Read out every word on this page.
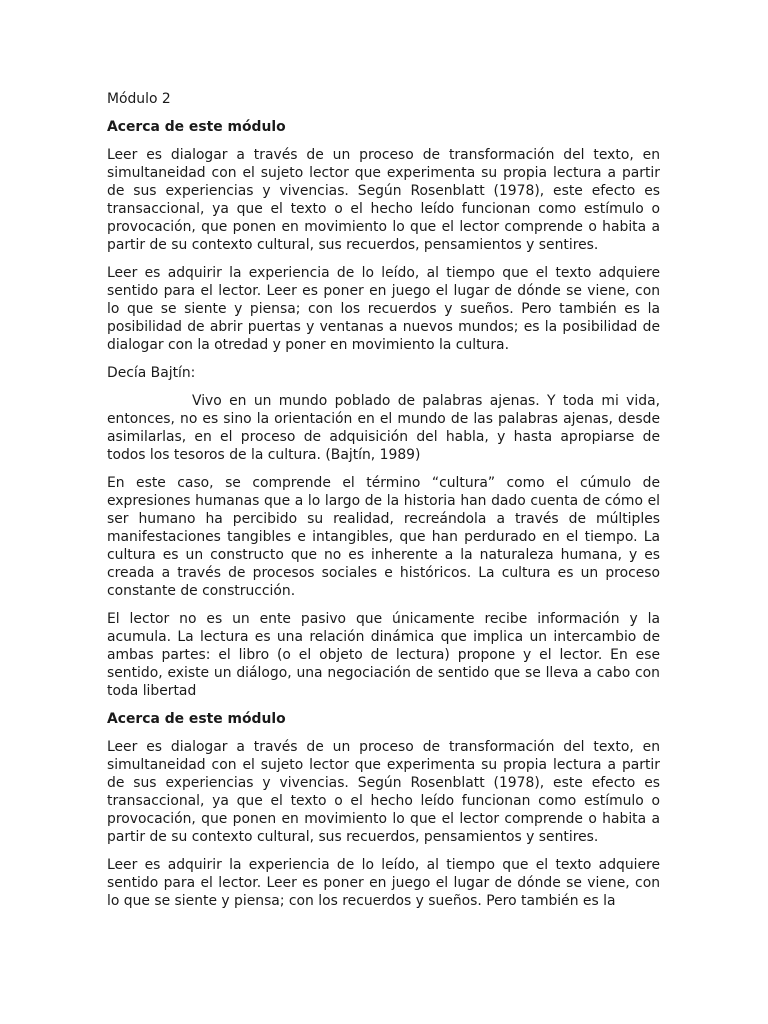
Módulo 2

Acerca de este módulo

Leer es dialogar a través de un proceso de transformación del texto, en simultaneidad con el sujeto lector que experimenta su propia lectura a partir de sus experiencias y vivencias. Según Rosenblatt (1978), este efecto es transaccional, ya que el texto o el hecho leído funcionan como estímulo o provocación, que ponen en movimiento lo que el lector comprende o habita a partir de su contexto cultural, sus recuerdos, pensamientos y sentires.

Leer es adquirir la experiencia de lo leído, al tiempo que el texto adquiere sentido para el lector. Leer es poner en juego el lugar de dónde se viene, con lo que se siente y piensa; con los recuerdos y sueños. Pero también es la posibilidad de abrir puertas y ventanas a nuevos mundos; es la posibilidad de dialogar con la otredad y poner en movimiento la cultura.

Decía Bajtín:

Vivo en un mundo poblado de palabras ajenas. Y toda mi vida, entonces, no es sino la orientación en el mundo de las palabras ajenas, desde asimilarlas, en el proceso de adquisición del habla, y hasta apropiarse de todos los tesoros de la cultura. (Bajtín, 1989)

En este caso, se comprende el término “cultura” como el cúmulo de expresiones humanas que a lo largo de la historia han dado cuenta de cómo el ser humano ha percibido su realidad, recreándola a través de múltiples manifestaciones tangibles e intangibles, que han perdurado en el tiempo. La cultura es un constructo que no es inherente a la naturaleza humana, y es creada a través de procesos sociales e históricos. La cultura es un proceso constante de construcción.

El lector no es un ente pasivo que únicamente recibe información y la acumula. La lectura es una relación dinámica que implica un intercambio de ambas partes: el libro (o el objeto de lectura) propone y el lector. En ese sentido, existe un diálogo, una negociación de sentido que se lleva a cabo con toda libertad

Acerca de este módulo

Leer es dialogar a través de un proceso de transformación del texto, en simultaneidad con el sujeto lector que experimenta su propia lectura a partir de sus experiencias y vivencias. Según Rosenblatt (1978), este efecto es transaccional, ya que el texto o el hecho leído funcionan como estímulo o provocación, que ponen en movimiento lo que el lector comprende o habita a partir de su contexto cultural, sus recuerdos, pensamientos y sentires.

Leer es adquirir la experiencia de lo leído, al tiempo que el texto adquiere sentido para el lector. Leer es poner en juego el lugar de dónde se viene, con lo que se siente y piensa; con los recuerdos y sueños. Pero también es la
